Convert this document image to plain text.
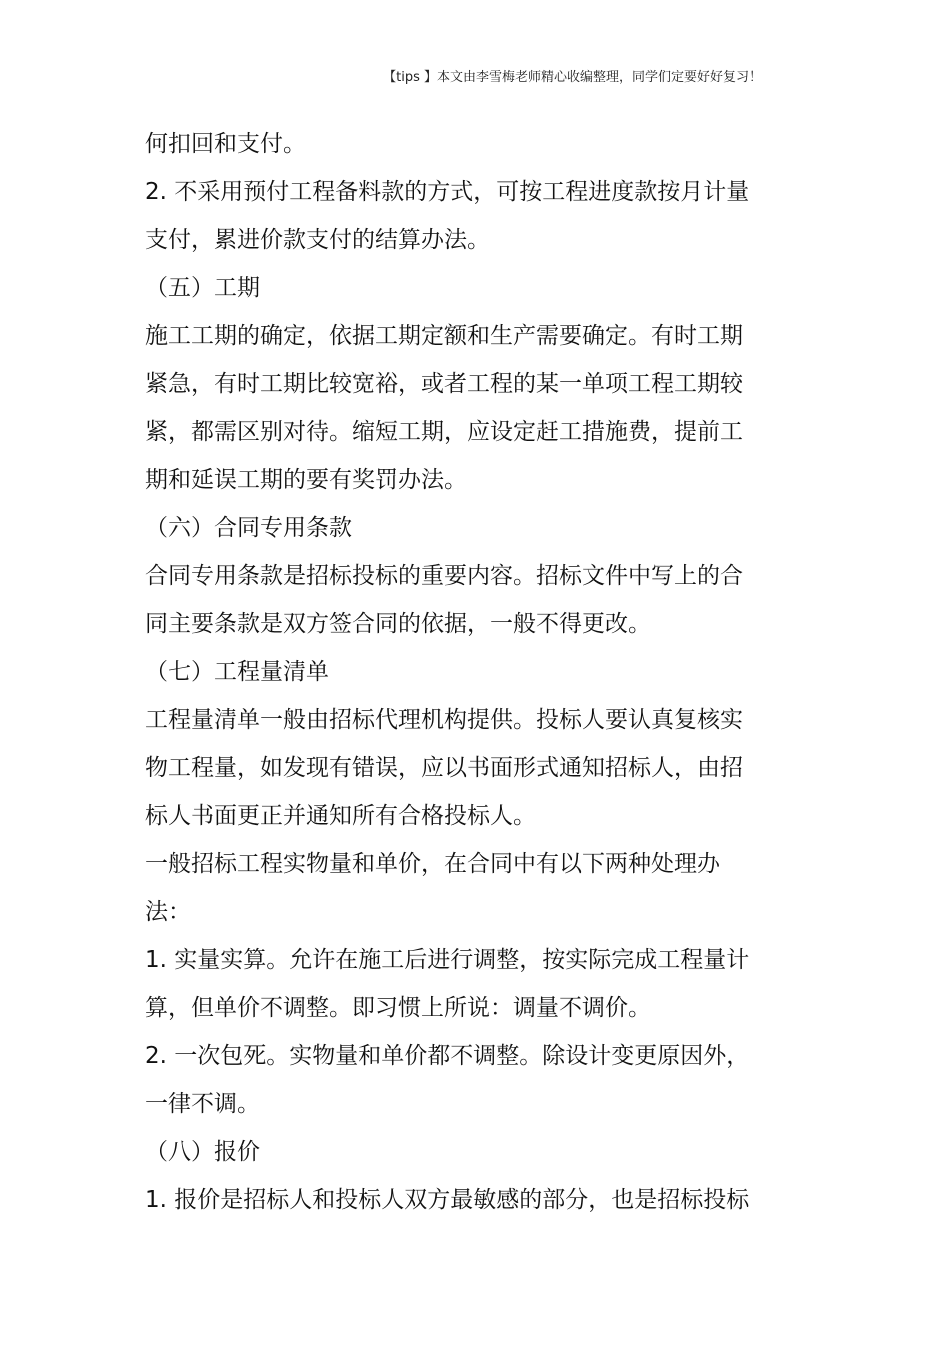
【tips 】本文由李雪梅老师精心收编整理，同学们定要好好复习！
何扣回和支付。
2. 不采用预付工程备料款的方式，可按工程进度款按月计量
支付，累进价款支付的结算办法。
（五）工期
施工工期的确定，依据工期定额和生产需要确定。有时工期
紧急，有时工期比较宽裕，或者工程的某一单项工程工期较
紧，都需区别对待。缩短工期，应设定赶工措施费，提前工
期和延误工期的要有奖罚办法。
（六）合同专用条款
合同专用条款是招标投标的重要内容。招标文件中写上的合
同主要条款是双方签合同的依据，一般不得更改。
（七）工程量清单
工程量清单一般由招标代理机构提供。投标人要认真复核实
物工程量，如发现有错误，应以书面形式通知招标人，由招
标人书面更正并通知所有合格投标人。
一般招标工程实物量和单价，在合同中有以下两种处理办
法：
1. 实量实算。允许在施工后进行调整，按实际完成工程量计
算，但单价不调整。即习惯上所说：调量不调价。
2. 一次包死。实物量和单价都不调整。除设计变更原因外，
一律不调。
（八）报价
1. 报价是招标人和投标人双方最敏感的部分，也是招标投标
